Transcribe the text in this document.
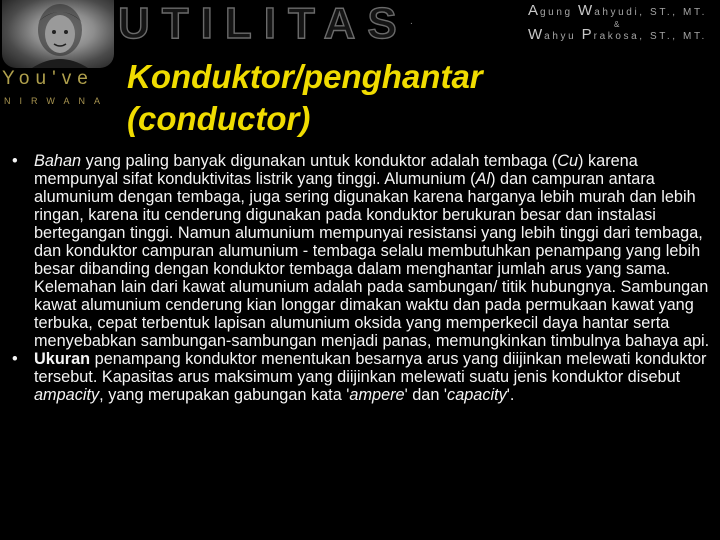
You've
NIRWANA
UTILITAS .
Agung Wahyudi, ST., MT.
&
Wahyu Prakosa, ST., MT.
Konduktor/penghantar
(conductor)
• Bahan yang paling banyak digunakan untuk konduktor adalah tembaga (Cu) karena mempunyal sifat konduktivitas listrik yang tinggi. Alumunium (Al) dan campuran antara alumunium dengan tembaga, juga sering digunakan karena harganya lebih murah dan lebih ringan, karena itu cenderung digunakan pada konduktor berukuran besar dan instalasi bertegangan tinggi. Namun alumunium mempunyai resistansi yang lebih tinggi dari tembaga, dan konduktor campuran alumunium - tembaga selalu membutuhkan penampang yang lebih besar dibanding dengan konduktor tembaga dalam menghantar jumlah arus yang sama. Kelemahan lain dari kawat alumunium adalah pada sambungan/ titik hubungnya. Sambungan kawat alumunium cenderung kian longgar dimakan waktu dan pada permukaan kawat yang terbuka, cepat terbentuk lapisan alumunium oksida yang memperkecil daya hantar serta menyebabkan sambungan-sambungan menjadi panas, memungkinkan timbulnya bahaya api.
• Ukuran penampang konduktor menentukan besarnya arus yang diijinkan melewati konduktor tersebut. Kapasitas arus maksimum yang diijinkan melewati suatu jenis konduktor disebut ampacity, yang merupakan gabungan kata 'ampere' dan 'capacity'.
